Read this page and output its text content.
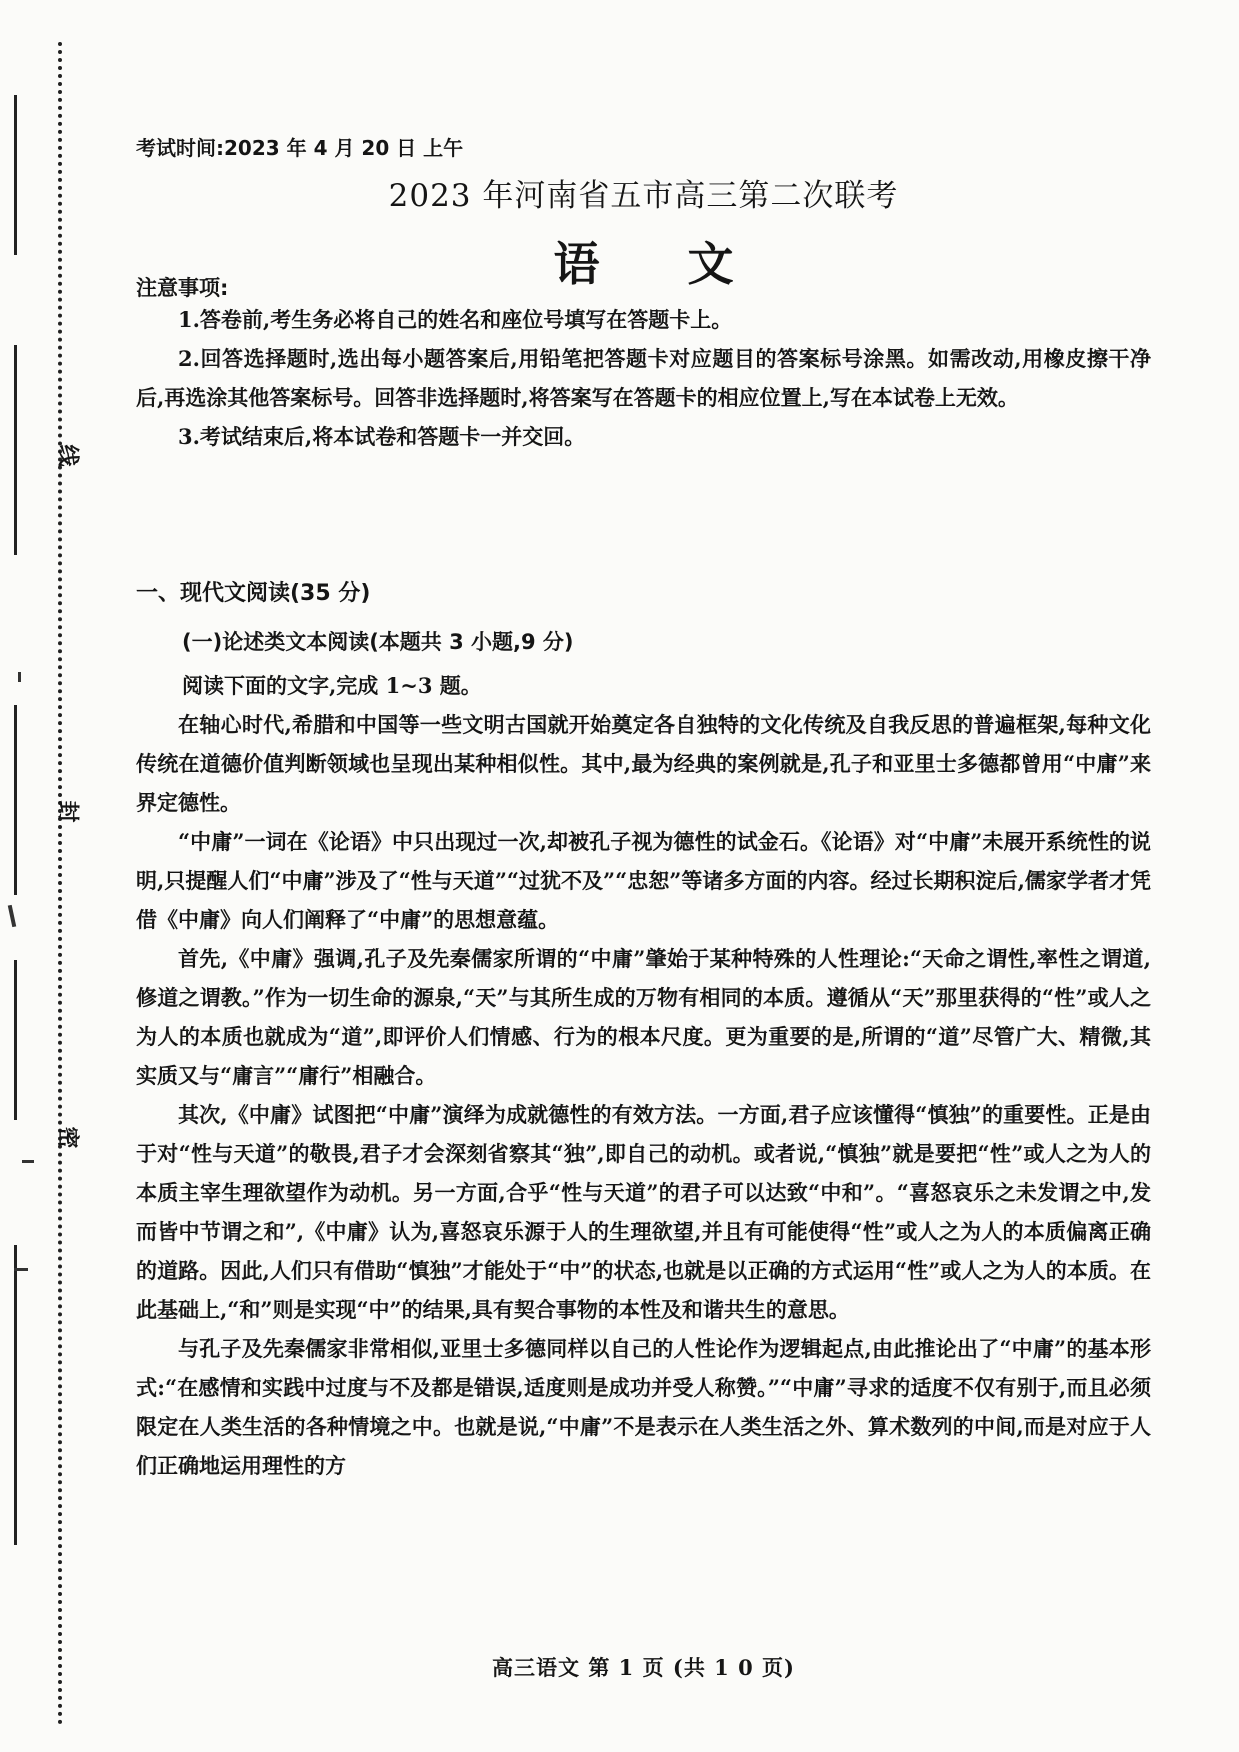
线
封
密
考试时间:2023 年 4 月 20 日 上午
2023 年河南省五市高三第二次联考
语 文
注意事项:

1.答卷前,考生务必将自己的姓名和座位号填写在答题卡上。

2.回答选择题时,选出每小题答案后,用铅笔把答题卡对应题目的答案标号涂黑。如需改动,用橡皮擦干净后,再选涂其他答案标号。回答非选择题时,将答案写在答题卡的相应位置上,写在本试卷上无效。

3.考试结束后,将本试卷和答题卡一并交回。

一、现代文阅读(35 分)
(一)论述类文本阅读(本题共 3 小题,9 分)
阅读下面的文字,完成 1~3 题。

在轴心时代,希腊和中国等一些文明古国就开始奠定各自独特的文化传统及自我反思的普遍框架,每种文化传统在道德价值判断领域也呈现出某种相似性。其中,最为经典的案例就是,孔子和亚里士多德都曾用“中庸”来界定德性。

“中庸”一词在《论语》中只出现过一次,却被孔子视为德性的试金石。《论语》对“中庸”未展开系统性的说明,只提醒人们“中庸”涉及了“性与天道”“过犹不及”“忠恕”等诸多方面的内容。经过长期积淀后,儒家学者才凭借《中庸》向人们阐释了“中庸”的思想意蕴。

首先,《中庸》强调,孔子及先秦儒家所谓的“中庸”肇始于某种特殊的人性理论:“天命之谓性,率性之谓道,修道之谓教。”作为一切生命的源泉,“天”与其所生成的万物有相同的本质。遵循从“天”那里获得的“性”或人之为人的本质也就成为“道”,即评价人们情感、行为的根本尺度。更为重要的是,所谓的“道”尽管广大、精微,其实质又与“庸言”“庸行”相融合。

其次,《中庸》试图把“中庸”演绎为成就德性的有效方法。一方面,君子应该懂得“慎独”的重要性。正是由于对“性与天道”的敬畏,君子才会深刻省察其“独”,即自己的动机。或者说,“慎独”就是要把“性”或人之为人的本质主宰生理欲望作为动机。另一方面,合乎“性与天道”的君子可以达致“中和”。“喜怒哀乐之未发谓之中,发而皆中节谓之和”,《中庸》认为,喜怒哀乐源于人的生理欲望,并且有可能使得“性”或人之为人的本质偏离正确的道路。因此,人们只有借助“慎独”才能处于“中”的状态,也就是以正确的方式运用“性”或人之为人的本质。在此基础上,“和”则是实现“中”的结果,具有契合事物的本性及和谐共生的意思。

与孔子及先秦儒家非常相似,亚里士多德同样以自己的人性论作为逻辑起点,由此推论出了“中庸”的基本形式:“在感情和实践中过度与不及都是错误,适度则是成功并受人称赞。”“中庸”寻求的适度不仅有别于,而且必须限定在人类生活的各种情境之中。也就是说,“中庸”不是表示在人类生活之外、算术数列的中间,而是对应于人们正确地运用理性的方

高三语文 第 1 页 (共 1 0 页)
